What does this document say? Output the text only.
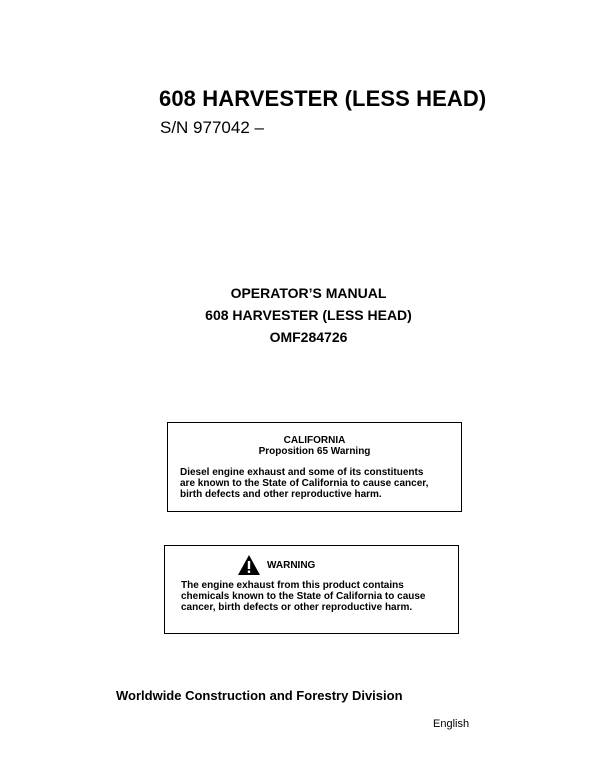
608 HARVESTER (LESS HEAD)
S/N 977042 –
OPERATOR’S MANUAL
608 HARVESTER (LESS HEAD)
OMF284726
CALIFORNIA
Proposition 65 Warning
Diesel engine exhaust and some of its constituents
are known to the State of California to cause cancer,
birth defects and other reproductive harm.
WARNING
The engine exhaust from this product contains
chemicals known to the State of California to cause
cancer, birth defects or other reproductive harm.
Worldwide Construction and Forestry Division
English
